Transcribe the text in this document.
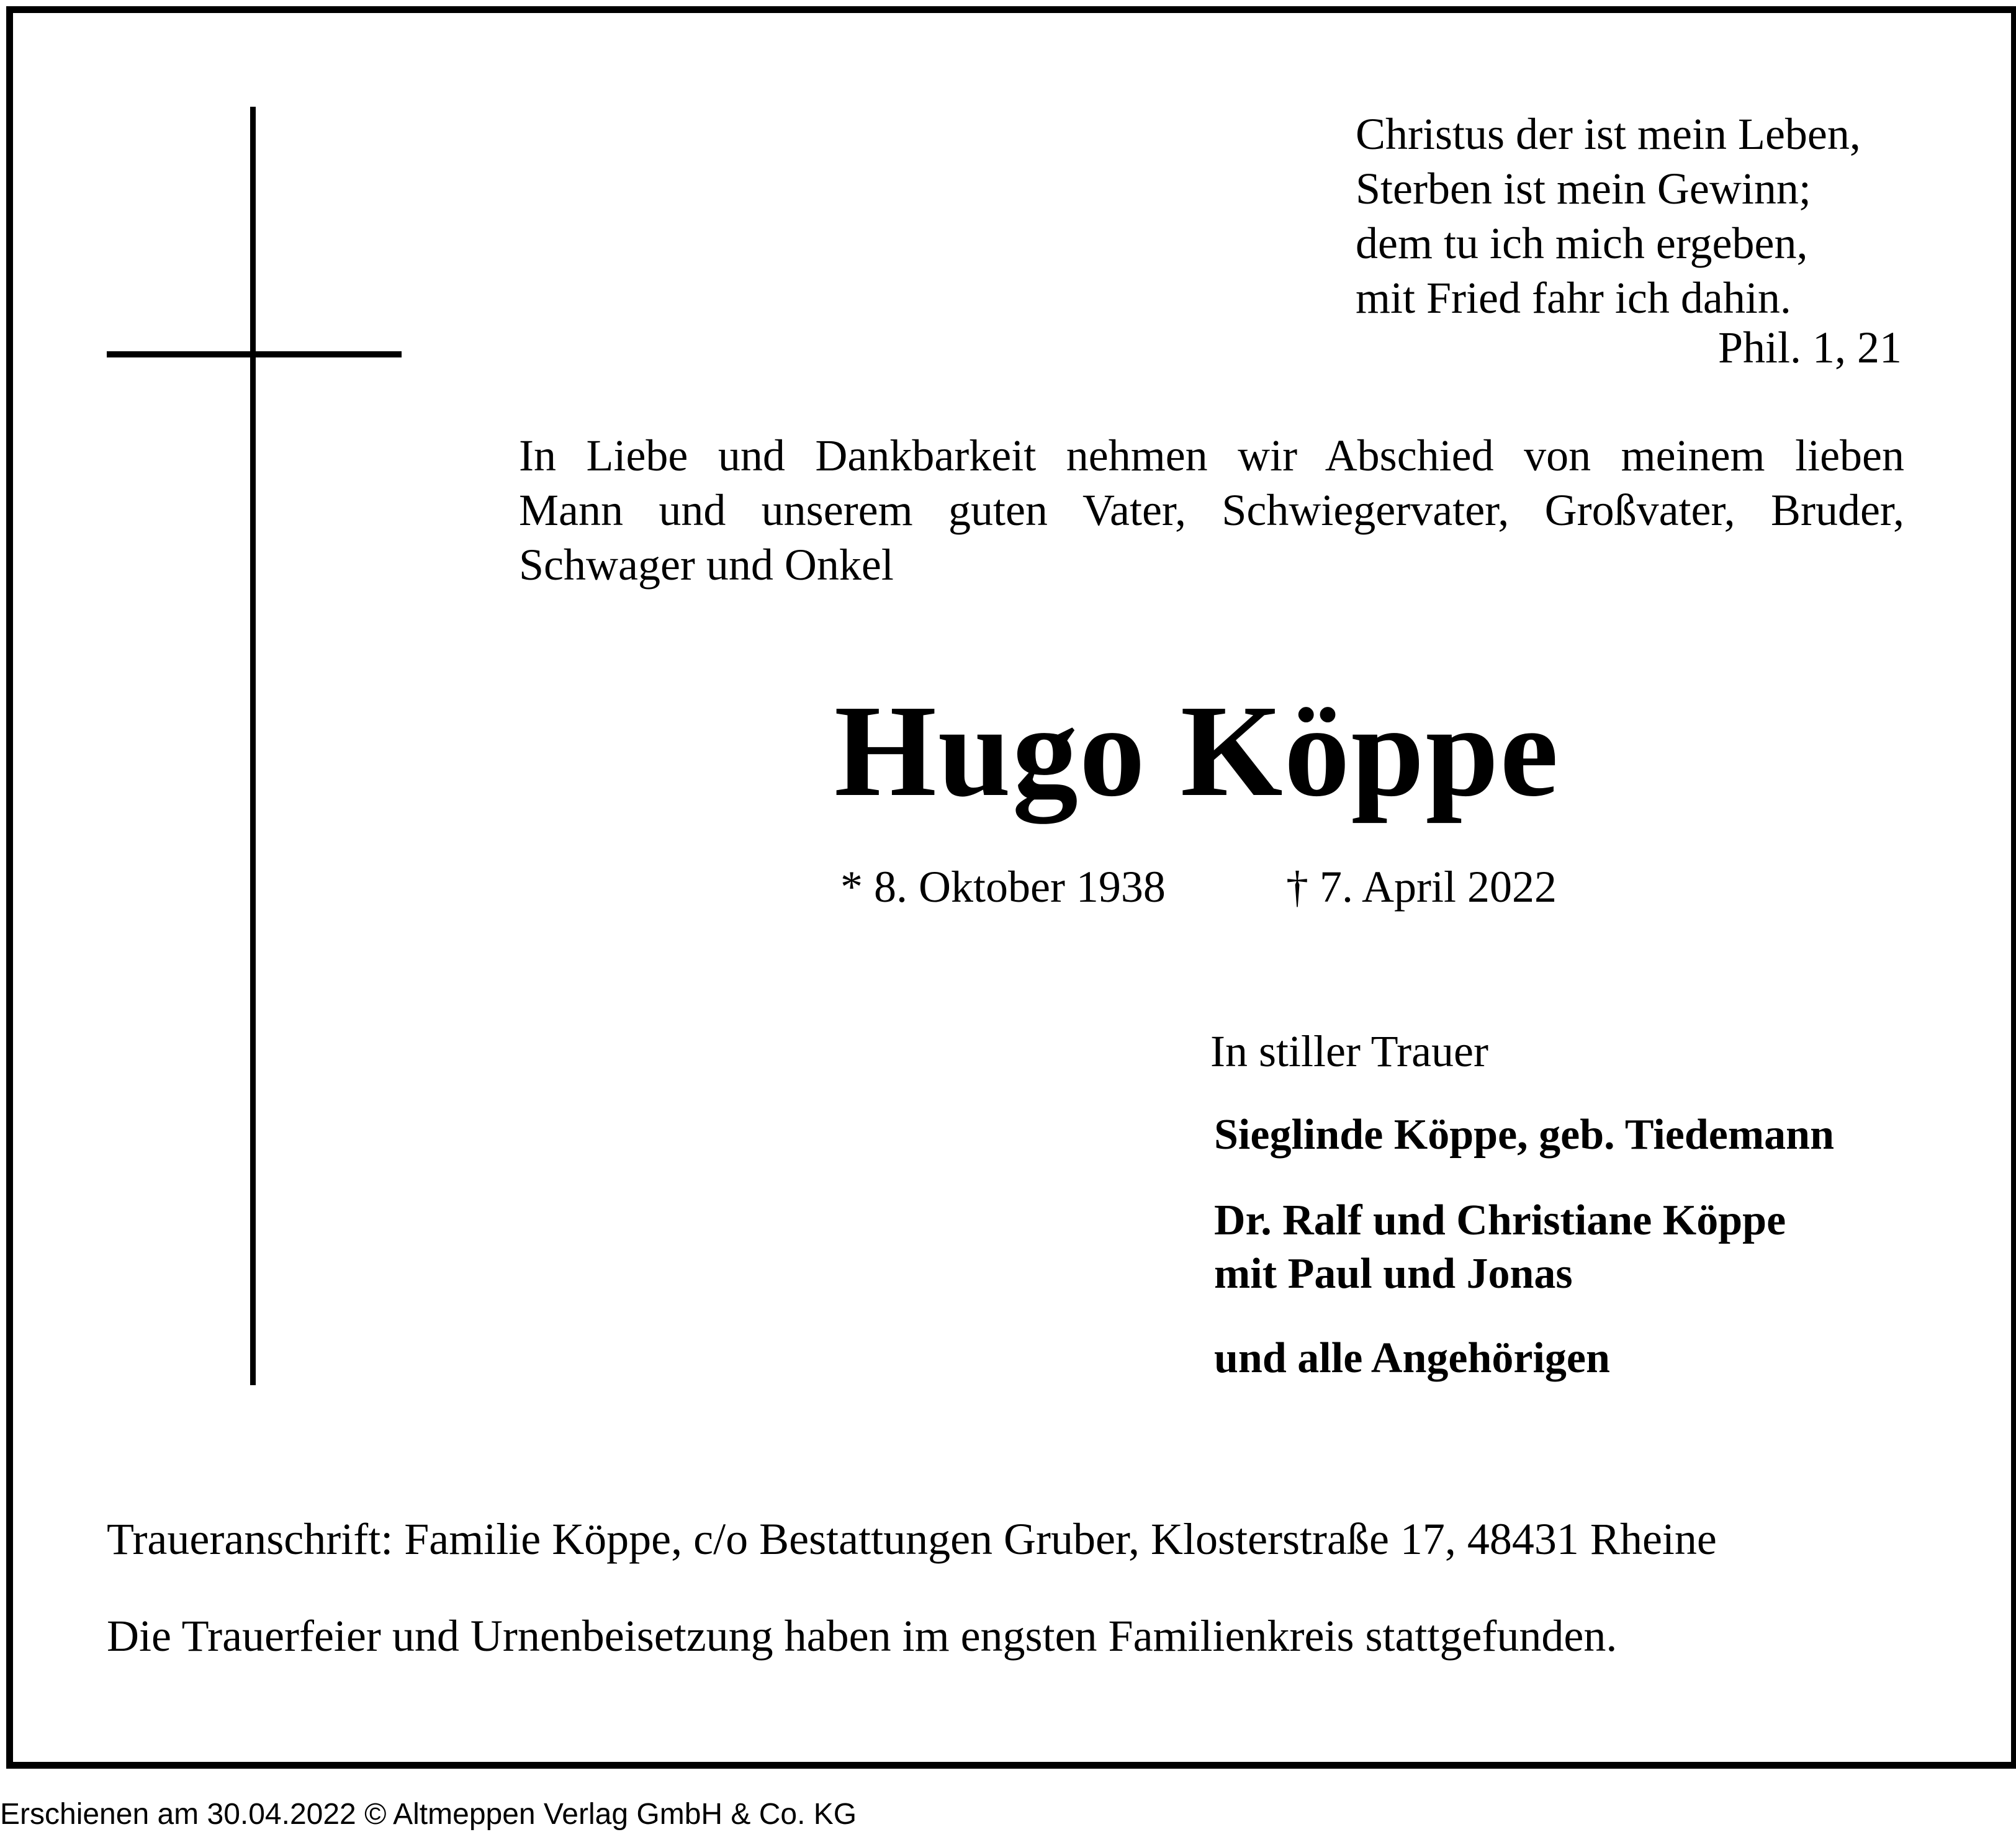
Christus der ist mein Leben,
Sterben ist mein Gewinn;
dem tu ich mich ergeben,
mit Fried fahr ich dahin.
Phil. 1, 21
In Liebe und Dankbarkeit nehmen wir Abschied von meinem lieben
Mann und unserem guten Vater, Schwiegervater, Großvater, Bruder,
Schwager und Onkel
Hugo Köppe
* 8. Oktober 1938	† 7. April 2022
In stiller Trauer
Sieglinde Köppe, geb. Tiedemann
Dr. Ralf und Christiane Köppe
mit Paul und Jonas
und alle Angehörigen
Traueranschrift: Familie Köppe, c/o Bestattungen Gruber, Klosterstraße 17, 48431 Rheine
Die Trauerfeier und Urnenbeisetzung haben im engsten Familienkreis stattgefunden.
Erschienen am 30.04.2022 © Altmeppen Verlag GmbH & Co. KG
